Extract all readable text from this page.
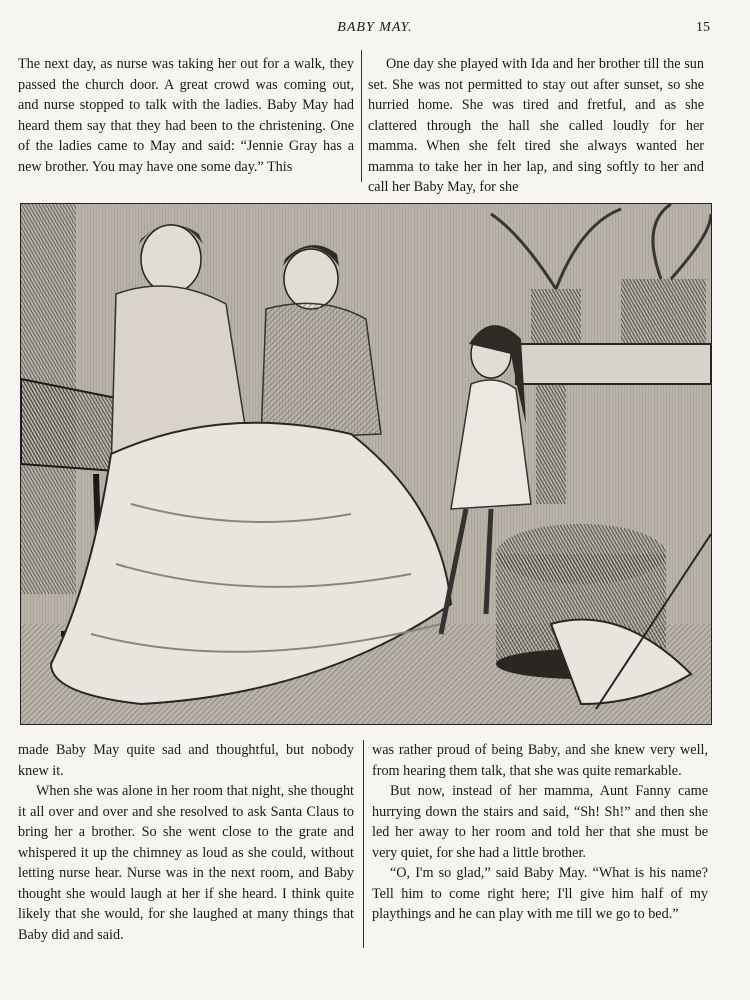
BABY MAY.	15

The next day, as nurse was taking her out for a walk, they passed the church door. A great crowd was coming out, and nurse stopped to talk with the ladies. Baby May had heard them say that they had been to the christening. One of the ladies came to May and said: “Jennie Gray has a new brother. You may have one some day.” This

One day she played with Ida and her brother till the sun set. She was not permitted to stay out after sunset, so she hurried home. She was tired and fretful, and as she clattered through the hall she called loudly for her mamma. When she felt tired she always wanted her mamma to take her in her lap, and sing softly to her and call her Baby May, for she

made Baby May quite sad and thoughtful, but nobody knew it.

When she was alone in her room that night, she thought it all over and over and she resolved to ask Santa Claus to bring her a brother. So she went close to the grate and whispered it up the chimney as loud as she could, without letting nurse hear. Nurse was in the next room, and Baby thought she would laugh at her if she heard. I think quite likely that she would, for she laughed at many things that Baby did and said.

was rather proud of being Baby, and she knew very well, from hearing them talk, that she was quite remarkable.

But now, instead of her mamma, Aunt Fanny came hurrying down the stairs and said, “Sh! Sh!” and then she led her away to her room and told her that she must be very quiet, for she had a little brother.

“O, I'm so glad,” said Baby May. “What is his name? Tell him to come right here; I'll give him half of my playthings and he can play with me till we go to bed.”
